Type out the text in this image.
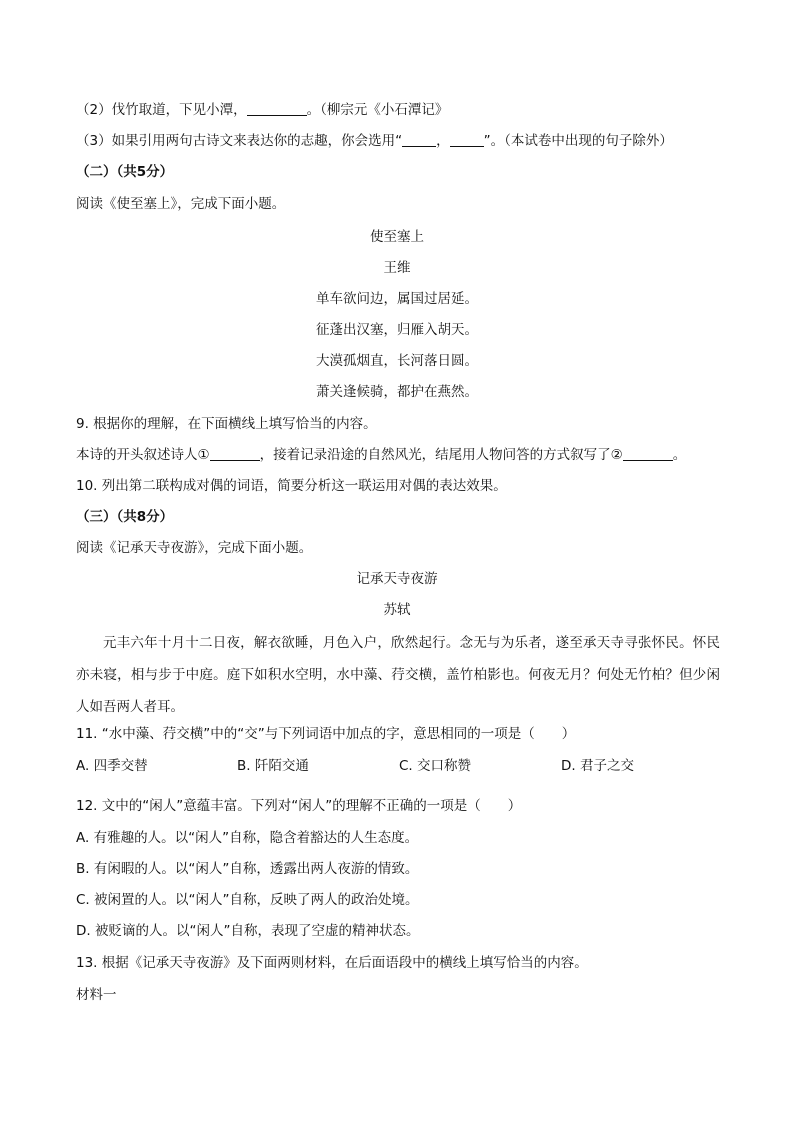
（2）伐竹取道，下见小潭，	。（柳宗元《小石潭记》
（3）如果引用两句古诗文来表达你的志趣，你会选用“	，	”。（本试卷中出现的句子除外）
（二）（共5分）
阅读《使至塞上》，完成下面小题。
使至塞上
王维
单车欲问边，属国过居延。
征蓬出汉塞，归雁入胡天。
大漠孤烟直，长河落日圆。
萧关逢候骑，都护在燕然。
9. 根据你的理解，在下面横线上填写恰当的内容。
本诗的开头叙述诗人①	，接着记录沿途的自然风光，结尾用人物问答的方式叙写了②	。
10. 列出第二联构成对偶的词语，简要分析这一联运用对偶的表达效果。
（三）（共8分）
阅读《记承天寺夜游》，完成下面小题。
记承天寺夜游
苏轼
元丰六年十月十二日夜，解衣欲睡，月色入户，欣然起行。念无与为乐者，遂至承天寺寻张怀民。怀民亦未寝，相与步于中庭。庭下如积水空明，水中藻、荇交横，盖竹柏影也。何夜无月？何处无竹柏？但少闲人如吾两人者耳。
11. “水中藻、荇交横”中的“交”与下列词语中加点的字，意思相同的一项是（　　）
A. 四季交替	B. 阡陌交通	C. 交口称赞	D. 君子之交
12. 文中的“闲人”意蕴丰富。下列对“闲人”的理解不正确的一项是（　　）
A. 有雅趣的人。以“闲人”自称，隐含着豁达的人生态度。
B. 有闲暇的人。以“闲人”自称，透露出两人夜游的情致。
C. 被闲置的人。以“闲人”自称，反映了两人的政治处境。
D. 被贬谪的人。以“闲人”自称，表现了空虚的精神状态。
13. 根据《记承天寺夜游》及下面两则材料，在后面语段中的横线上填写恰当的内容。
材料一
